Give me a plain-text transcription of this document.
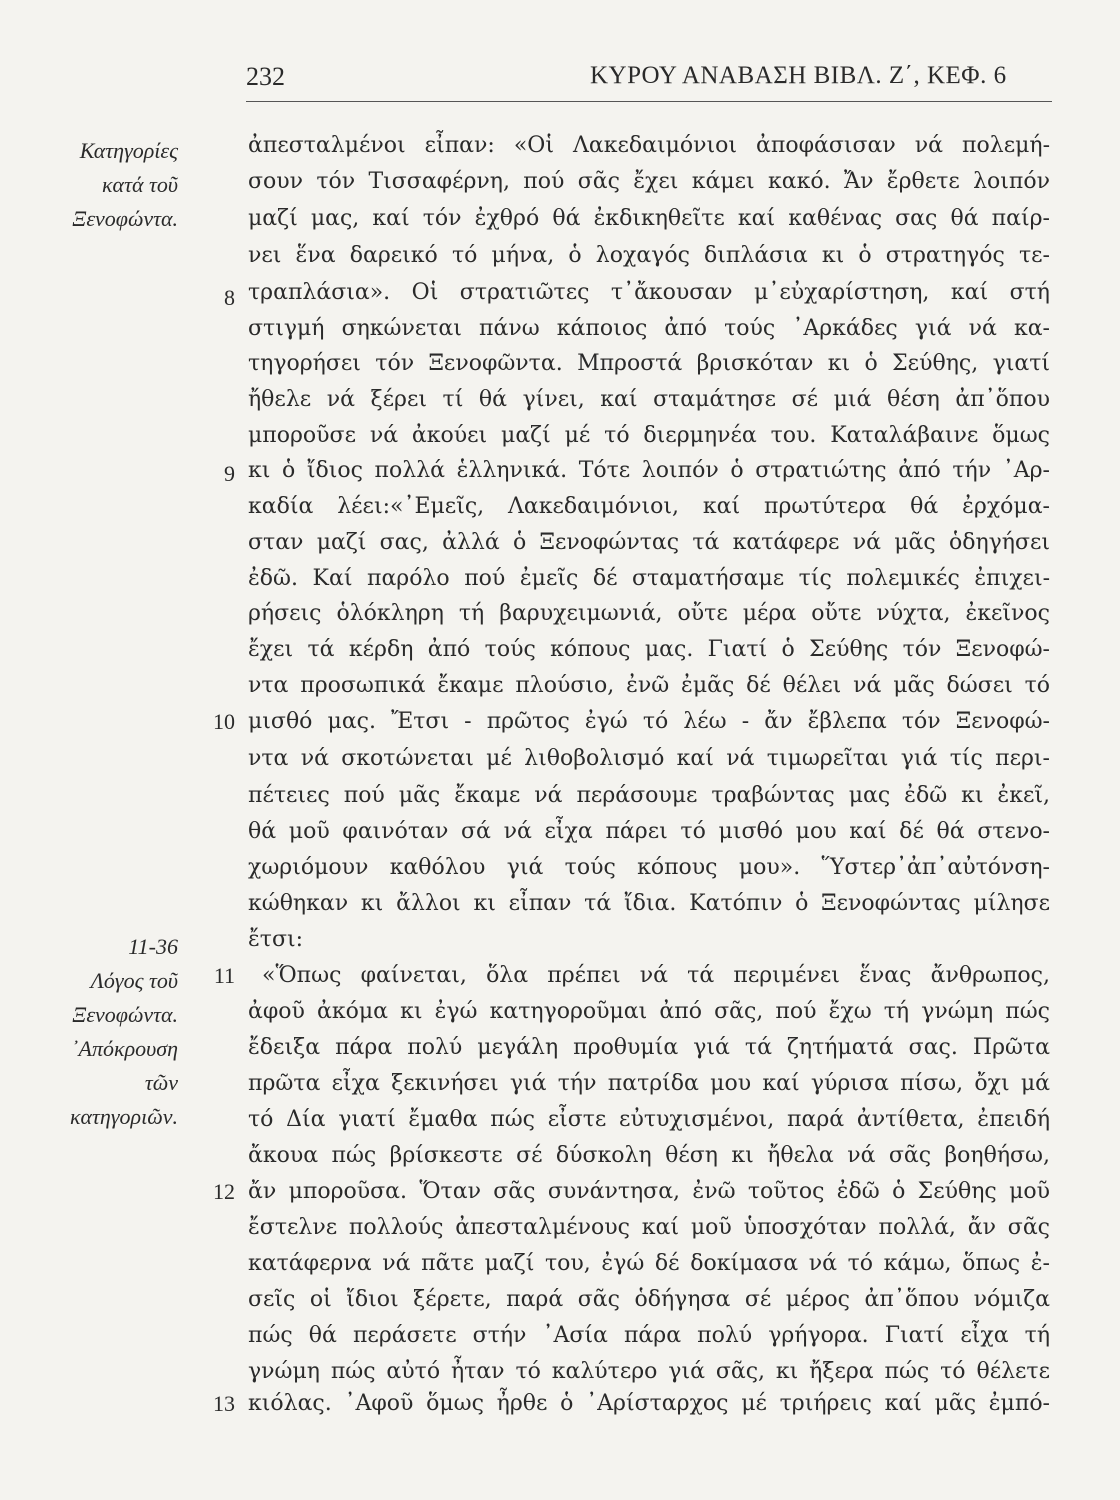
232	ΚΥΡΟΥ ΑΝΑΒΑΣΗ ΒΙΒΛ. Ζ΄, ΚΕΦ. 6
Κατηγορίες
κατά τοῦ
Ξενοφώντα.
11-36
Λόγος τοῦ
Ξενοφώντα.
᾿Απόκρουση
τῶν
κατηγοριῶν.
8
9
10
11
12
13
ἀπεσταλμένοι εἶπαν: «Οἱ Λακεδαιμόνιοι ἀποφάσισαν νά πολεμή-
σουν τόν Τισσαφέρνη, πού σᾶς ἔχει κάμει κακό. Ἄν ἔρθετε λοιπόν
μαζί μας, καί τόν ἐχθρό θά ἐκδικηθεῖτε καί καθένας σας θά παίρ-
νει ἕνα δαρεικό τό μήνα, ὁ λοχαγός διπλάσια κι ὁ στρατηγός τε-
τραπλάσια». Οἱ στρατιῶτες τ᾿ἄκουσαν μ᾿εὐχαρίστηση, καί στή
στιγμή σηκώνεται πάνω κάποιος ἀπό τούς ᾿Αρκάδες γιά νά κα-
τηγορήσει τόν Ξενοφῶντα. Μπροστά βρισκόταν κι ὁ Σεύθης, γιατί
ἤθελε νά ξέρει τί θά γίνει, καί σταμάτησε σέ μιά θέση ἀπ᾿ὅπου
μποροῦσε νά ἀκούει μαζί μέ τό διερμηνέα του. Καταλάβαινε ὅμως
κι ὁ ἴδιος πολλά ἑλληνικά. Τότε λοιπόν ὁ στρατιώτης ἀπό τήν ᾿Αρ-
καδία λέει:«᾿Εμεῖς, Λακεδαιμόνιοι, καί πρωτύτερα θά ἐρχόμα-
σταν μαζί σας, ἀλλά ὁ Ξενοφώντας τά κατάφερε νά μᾶς ὁδηγήσει
ἐδῶ. Καί παρόλο πού ἐμεῖς δέ σταματήσαμε τίς πολεμικές ἐπιχει-
ρήσεις ὁλόκληρη τή βαρυχειμωνιά, οὔτε μέρα οὔτε νύχτα, ἐκεῖνος
ἔχει τά κέρδη ἀπό τούς κόπους μας. Γιατί ὁ Σεύθης τόν Ξενοφώ-
ντα προσωπικά ἔκαμε πλούσιο, ἐνῶ ἐμᾶς δέ θέλει νά μᾶς δώσει τό
μισθό μας. Ἔτσι - πρῶτος ἐγώ τό λέω - ἄν ἔβλεπα τόν Ξενοφώ-
ντα νά σκοτώνεται μέ λιθοβολισμό καί νά τιμωρεῖται γιά τίς περι-
πέτειες πού μᾶς ἔκαμε νά περάσουμε τραβώντας μας ἐδῶ κι ἐκεῖ,
θά μοῦ φαινόταν σά νά εἶχα πάρει τό μισθό μου καί δέ θά στενο-
χωριόμουν καθόλου γιά τούς κόπους μου». Ὕστερ᾿ἀπ᾿αὐτόνση-
κώθηκαν κι ἄλλοι κι εἶπαν τά ἴδια. Κατόπιν ὁ Ξενοφώντας μίλησε
ἔτσι:
«Ὅπως φαίνεται, ὅλα πρέπει νά τά περιμένει ἕνας ἄνθρωπος,
ἀφοῦ ἀκόμα κι ἐγώ κατηγοροῦμαι ἀπό σᾶς, πού ἔχω τή γνώμη πώς
ἔδειξα πάρα πολύ μεγάλη προθυμία γιά τά ζητήματά σας. Πρῶτα
πρῶτα εἶχα ξεκινήσει γιά τήν πατρίδα μου καί γύρισα πίσω, ὄχι μά
τό Δία γιατί ἔμαθα πώς εἶστε εὐτυχισμένοι, παρά ἀντίθετα, ἐπειδή
ἄκουα πώς βρίσκεστε σέ δύσκολη θέση κι ἤθελα νά σᾶς βοηθήσω,
ἄν μποροῦσα. Ὅταν σᾶς συνάντησα, ἐνῶ τοῦτος ἐδῶ ὁ Σεύθης μοῦ
ἔστελνε πολλούς ἀπεσταλμένους καί μοῦ ὑποσχόταν πολλά, ἄν σᾶς
κατάφερνα νά πᾶτε μαζί του, ἐγώ δέ δοκίμασα νά τό κάμω, ὅπως ἐ-
σεῖς οἱ ἴδιοι ξέρετε, παρά σᾶς ὁδήγησα σέ μέρος ἀπ᾿ὅπου νόμιζα
πώς θά περάσετε στήν ᾿Ασία πάρα πολύ γρήγορα. Γιατί εἶχα τή
γνώμη πώς αὐτό ἦταν τό καλύτερο γιά σᾶς, κι ἤξερα πώς τό θέλετε
κιόλας. ᾿Αφοῦ ὅμως ἦρθε ὁ ᾿Αρίσταρχος μέ τριήρεις καί μᾶς ἐμπό-
